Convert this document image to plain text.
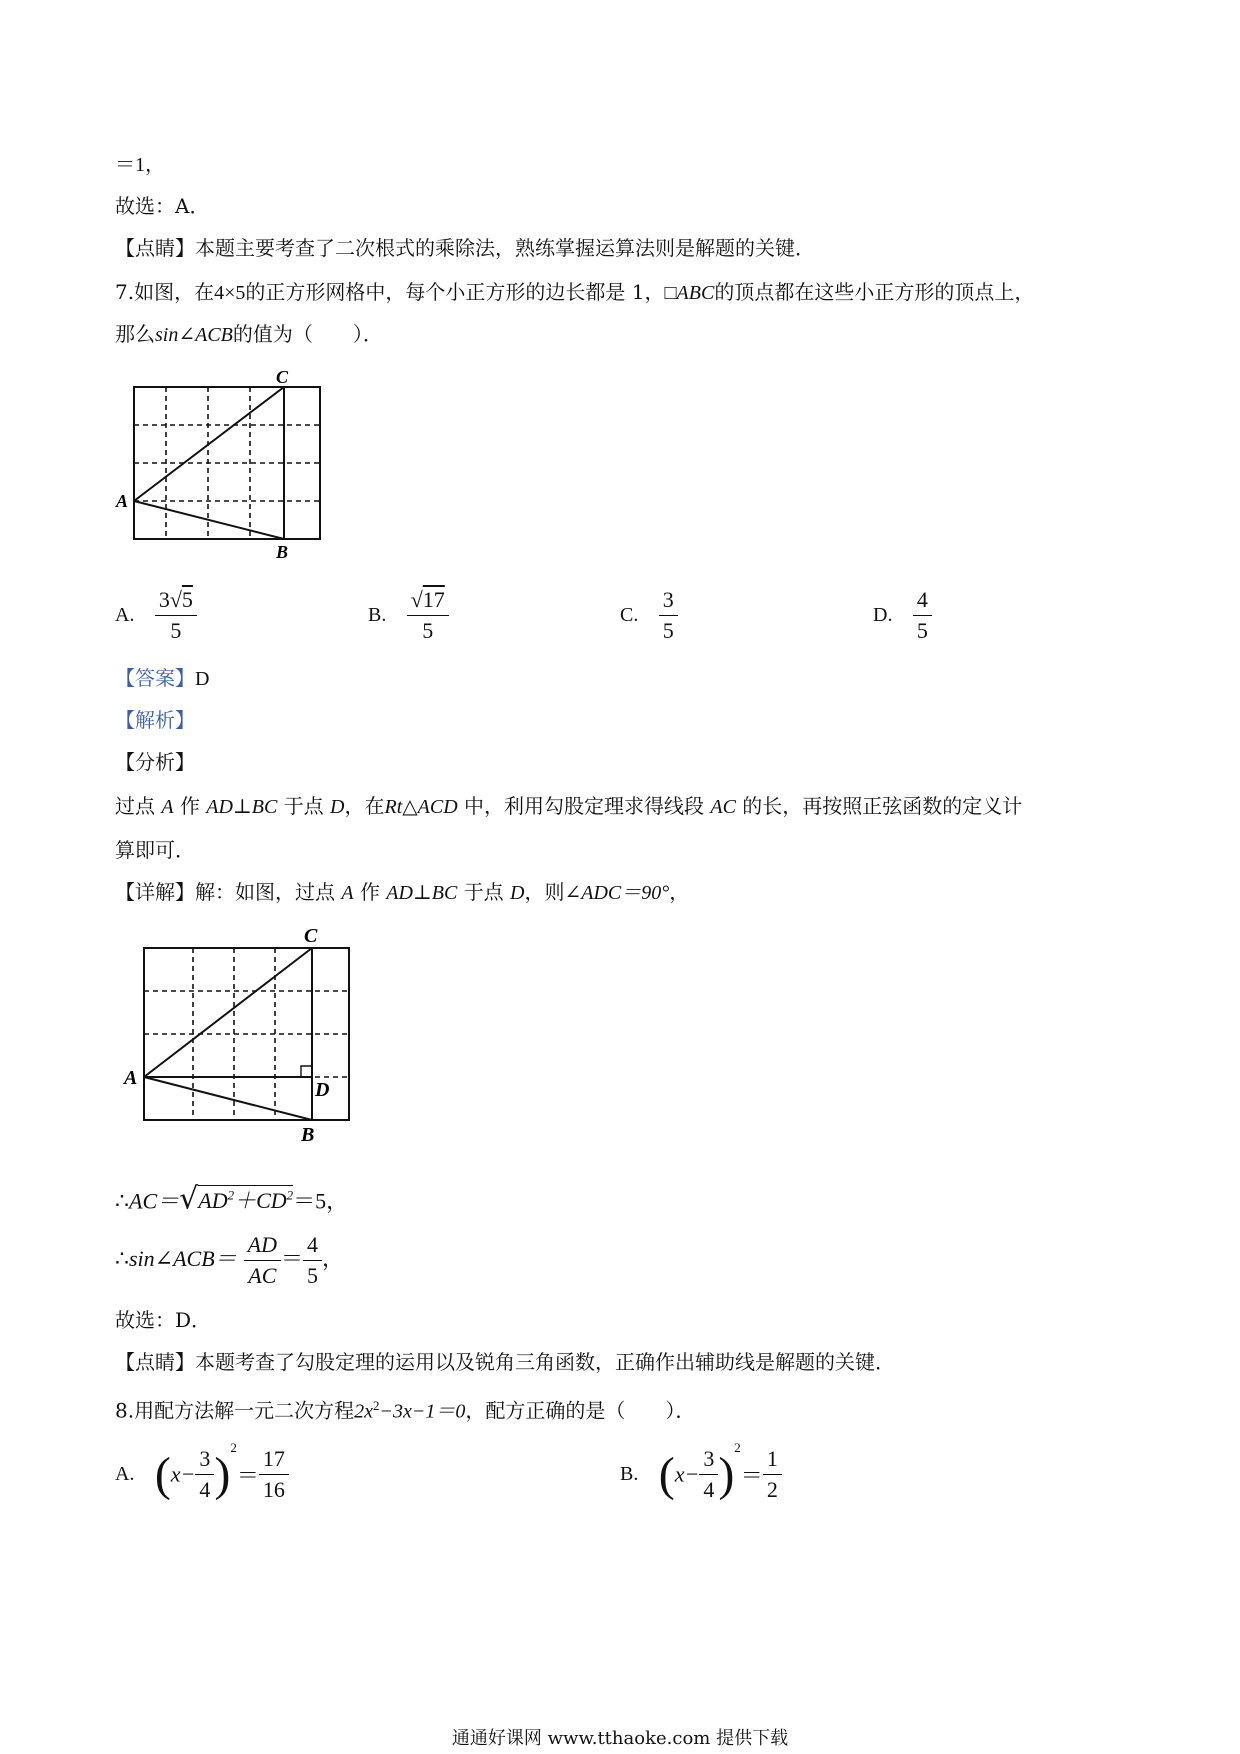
＝1，
故选：A．
【点睛】本题主要考查了二次根式的乘除法，熟练掌握运算法则是解题的关键．
7.如图，在4×5的正方形网格中，每个小正方形的边长都是 1，□ABC的顶点都在这些小正方形的顶点上，
那么sin∠ACB的值为（　　）．
C
A
B
A. $\frac{3√5}{5}$	B. $\frac{√17}{5}$	C. $\frac{3}{5}$	D. $\frac{4}{5}$
【答案】D
【解析】
【分析】
过点 A 作 AD⊥BC 于点 D，在Rt△ACD 中，利用勾股定理求得线段 AC 的长，再按照正弦函数的定义计
算即可．
【详解】解：如图，过点 A 作 AD⊥BC 于点 D，则∠ADC＝90°，
C
A
D
B
$\therefore AC=√AD^2+CD^2=5$，
∴sin∠ACB＝ $\frac{AD}{AC} = \frac{4}{5}$ ，
故选：D．
【点睛】本题考查了勾股定理的运用以及锐角三角函数，正确作出辅助线是解题的关键．
8.用配方法解一元二次方程$2x^2-3x-1=0$，配方正确的是（　　）．
A. $(x- \frac{3}{4} )^2= \frac{17}{16}$	B. $(x- \frac{3}{4} )^2= \frac{1}{2}$
通通好课网 www.tthaoke.com 提供下载
